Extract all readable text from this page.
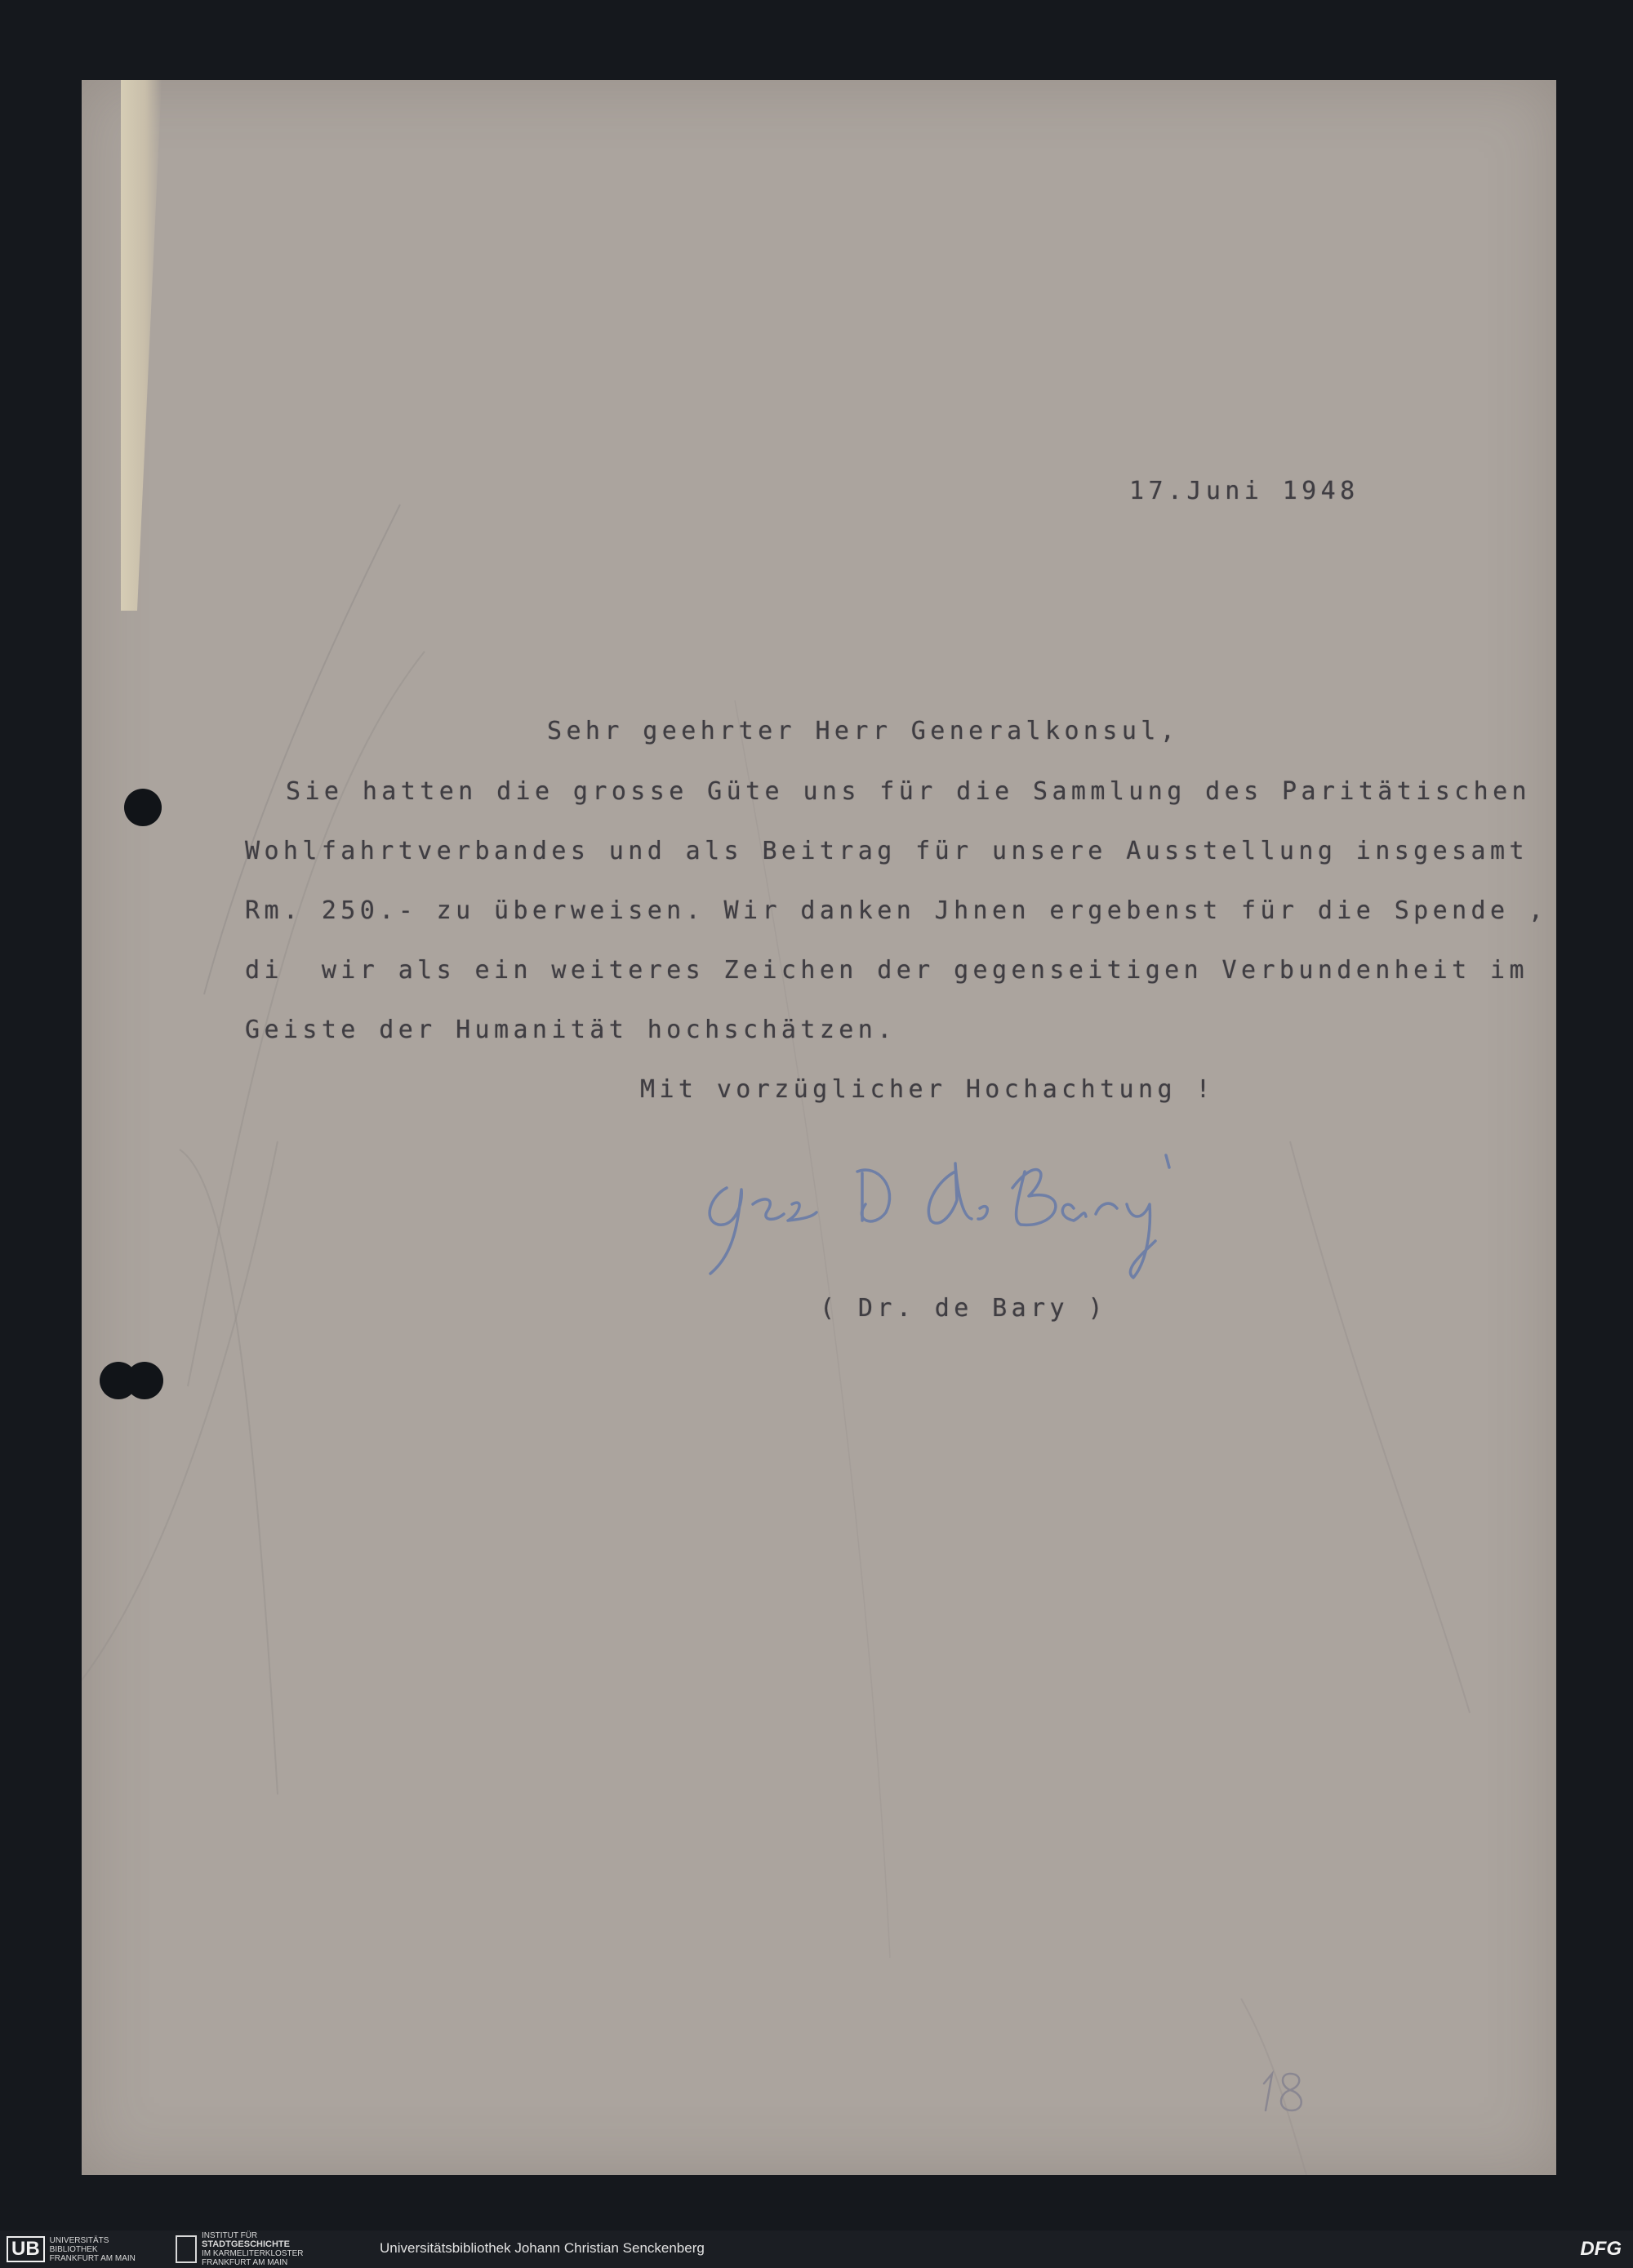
17.Juni 1948
Sehr geehrter Herr Generalkonsul,
Sie hatten die grosse Güte uns für die Sammlung des Paritätischen
Wohlfahrtverbandes und als Beitrag für unsere Ausstellung insgesamt
Rm. 250.- zu überweisen. Wir danken Jhnen ergebenst für die Spende ,
di  wir als ein weiteres Zeichen der gegenseitigen Verbundenheit im
Geiste der Humanität hochschätzen.
Mit vorzüglicher Hochachtung !
( Dr. de Bary )
UB	UNIVERSITÄTS
BIBLIOTHEK
FRANKFURT AM MAIN
INSTITUT FÜR
STADTGESCHICHTE
IM KARMELITERKLOSTER
FRANKFURT AM MAIN
Universitätsbibliothek Johann Christian Senckenberg	DFG
